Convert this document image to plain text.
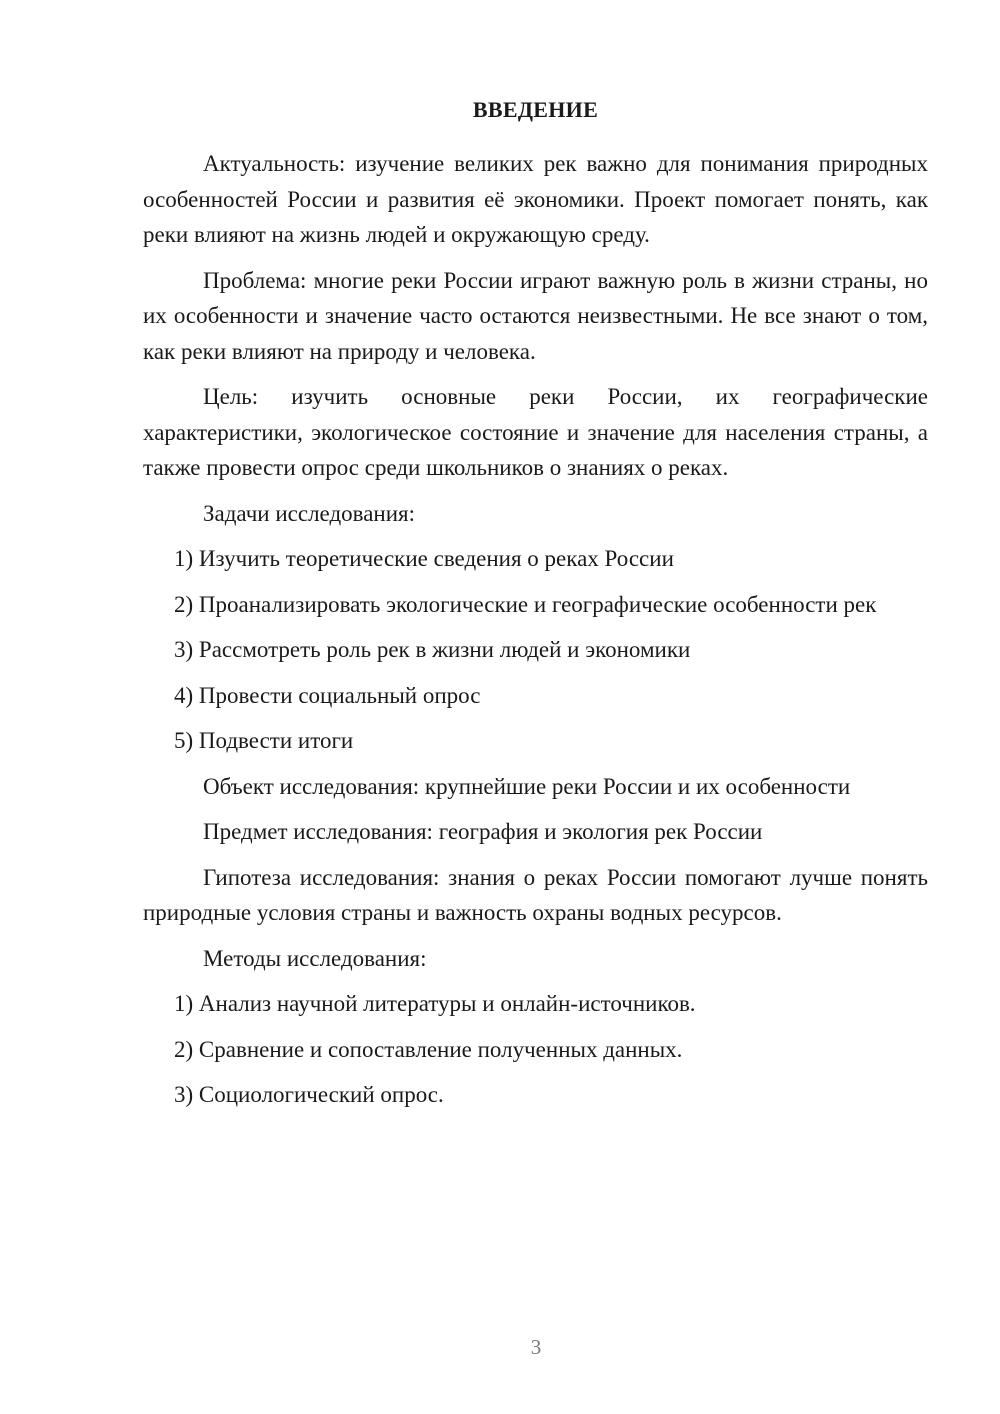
ВВЕДЕНИЕ

Актуальность: изучение великих рек важно для понимания природных особенностей России и развития её экономики. Проект помогает понять, как реки влияют на жизнь людей и окружающую среду.

Проблема: многие реки России играют важную роль в жизни страны, но их особенности и значение часто остаются неизвестными. Не все знают о том, как реки влияют на природу и человека.

Цель: изучить основные реки России, их географические характеристики, экологическое состояние и значение для населения страны, а также провести опрос среди школьников о знаниях о реках.

Задачи исследования:

1) Изучить теоретические сведения о реках России

2) Проанализировать экологические и географические особенности рек

3) Рассмотреть роль рек в жизни людей и экономики

4) Провести социальный опрос

5) Подвести итоги

Объект исследования: крупнейшие реки России и их особенности

Предмет исследования: география и экология рек России

Гипотеза исследования: знания о реках России помогают лучше понять природные условия страны и важность охраны водных ресурсов.

Методы исследования:

1) Анализ научной литературы и онлайн-источников.

2) Сравнение и сопоставление полученных данных.

3) Социологический опрос.

3
